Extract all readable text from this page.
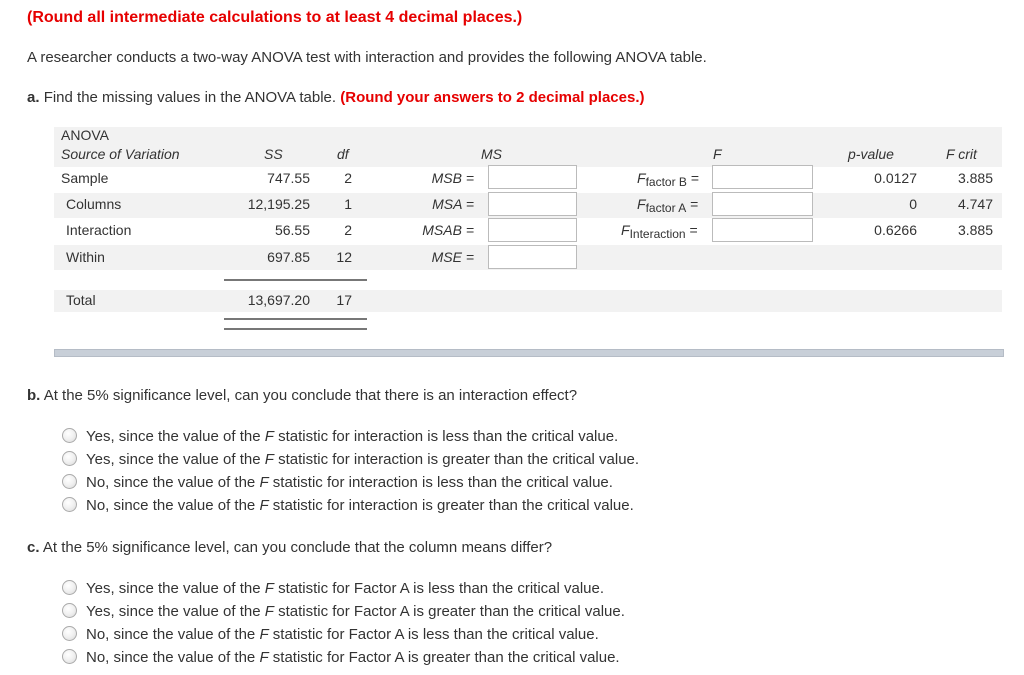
(Round all intermediate calculations to at least 4 decimal places.)
A researcher conducts a two-way ANOVA test with interaction and provides the following ANOVA table.
a. Find the missing values in the ANOVA table. (Round your answers to 2 decimal places.)
ANOVA
Source of Variation	SS	df	MS	F	p-value	F crit
Sample	747.55	2	MSB =	$F_{factor B}$ =	0.0127	3.885
Columns	12,195.25	1	MSA =	$F_{factor A}$ =	0	4.747
Interaction	56.55	2	MSAB =	$F_{Interaction}$ =	0.6266	3.885
Within	697.85	12	MSE =
Total	13,697.20	17
b. At the 5% significance level, can you conclude that there is an interaction effect?
Yes, since the value of the F statistic for interaction is less than the critical value.
Yes, since the value of the F statistic for interaction is greater than the critical value.
No, since the value of the F statistic for interaction is less than the critical value.
No, since the value of the F statistic for interaction is greater than the critical value.
c. At the 5% significance level, can you conclude that the column means differ?
Yes, since the value of the F statistic for Factor A is less than the critical value.
Yes, since the value of the F statistic for Factor A is greater than the critical value.
No, since the value of the F statistic for Factor A is less than the critical value.
No, since the value of the F statistic for Factor A is greater than the critical value.
